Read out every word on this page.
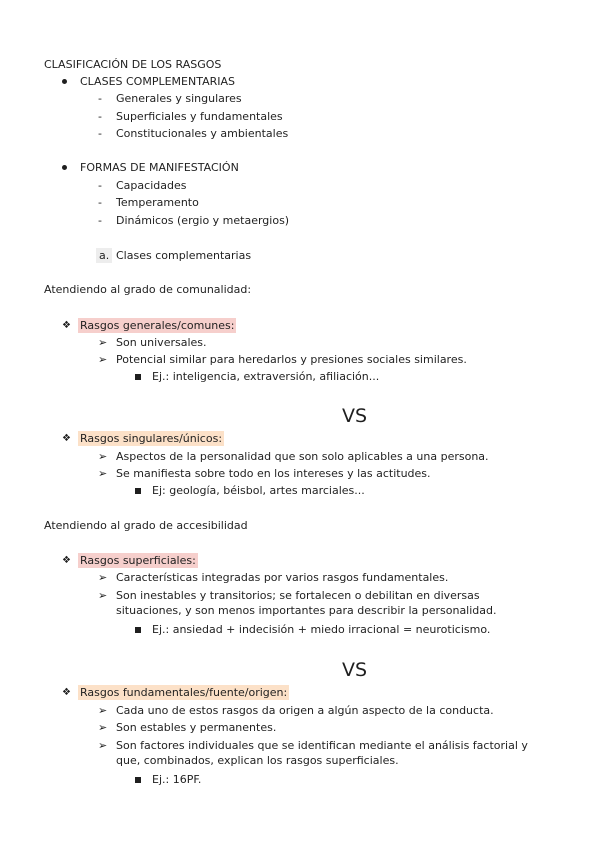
CLASIFICACIÓN DE LOS RASGOS
CLASES COMPLEMENTARIAS
- Generales y singulares
- Superficiales y fundamentales
- Constitucionales y ambientales
FORMAS DE MANIFESTACIÓN
- Capacidades
- Temperamento
- Dinámicos (ergio y metaergios)
a. Clases complementarias
Atendiendo al grado de comunalidad:
❖ Rasgos generales/comunes:
➢ Son universales.
➢ Potencial similar para heredarlos y presiones sociales similares.
Ej.: inteligencia, extraversión, afiliación...
VS
❖ Rasgos singulares/únicos:
➢ Aspectos de la personalidad que son solo aplicables a una persona.
➢ Se manifiesta sobre todo en los intereses y las actitudes.
Ej: geología, béisbol, artes marciales...
Atendiendo al grado de accesibilidad
❖ Rasgos superficiales:
➢ Características integradas por varios rasgos fundamentales.
➢ Son inestables y transitorios; se fortalecen o debilitan en diversas situaciones, y son menos importantes para describir la personalidad.
Ej.: ansiedad + indecisión + miedo irracional = neuroticismo.
VS
❖ Rasgos fundamentales/fuente/origen:
➢ Cada uno de estos rasgos da origen a algún aspecto de la conducta.
➢ Son estables y permanentes.
➢ Son factores individuales que se identifican mediante el análisis factorial y que, combinados, explican los rasgos superficiales.
Ej.: 16PF.
